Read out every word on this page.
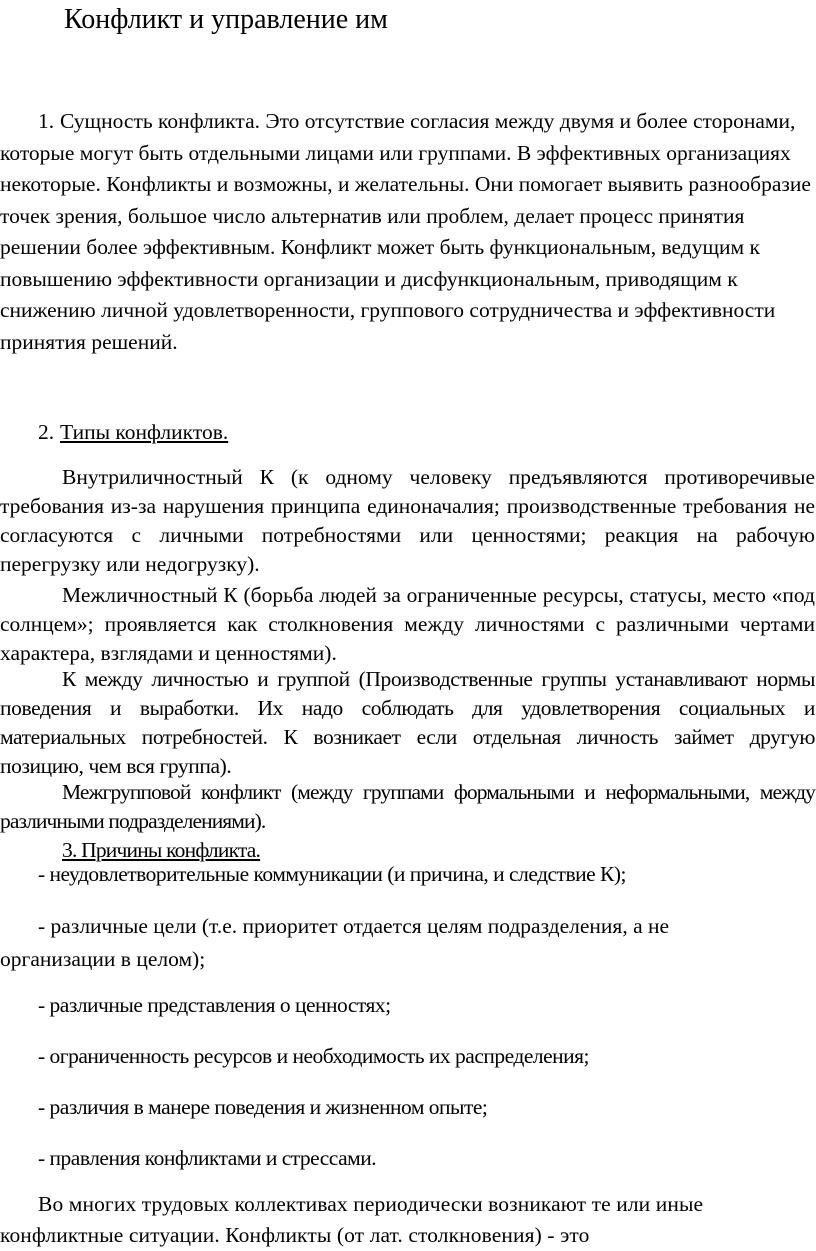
Конфликт и управление им
1. Сущность конфликта. Это отсутствие согласия между двумя и более сторонами, которые могут быть отдельными лицами или группами. В эффективных организациях некоторые. Конфликты и возможны, и желательны. Они помогает выявить разнообразие точек зрения, большое число альтернатив или проблем, делает процесс принятия решении более эффективным. Конфликт может быть функциональным, ведущим к повышению эффективности организации и дисфункциональным, приводящим к снижению личной удовлетворенности, группового сотрудничества и эффективности принятия решений.
2. Типы конфликтов.
Внутриличностный К (к одному человеку предъявляются противоречивые требования из-за нарушения принципа единоначалия; производственные требования не согласуются с личными потребностями или ценностями; реакция на рабочую перегрузку или недогрузку).
Межличностный К (борьба людей за ограниченные ресурсы, статусы, место «под солнцем»; проявляется как столкновения между личностями с различными чертами характера, взглядами и ценностями).
К между личностью и группой (Производственные группы устанавливают нормы поведения и выработки. Их надо соблюдать для удовлетворения социальных и материальных потребностей. К возникает если отдельная личность займет другую позицию, чем вся группа).
Межгрупповой конфликт (между группами формальными и неформальными, между различными подразделениями).
3. Причины конфликта.
- неудовлетворительные коммуникации (и причина, и следствие К);
- различные цели (т.е. приоритет отдается целям подразделения, а не организации в целом);
- различные представления о ценностях;
- ограниченность ресурсов и необходимость их распределения;
- различия в манере поведения и жизненном опыте;
- правления конфликтами и стрессами.
Во многих трудовых коллективах периодически возникают те или иные конфликтные ситуации. Конфликты (от лат. столкновения) - это
